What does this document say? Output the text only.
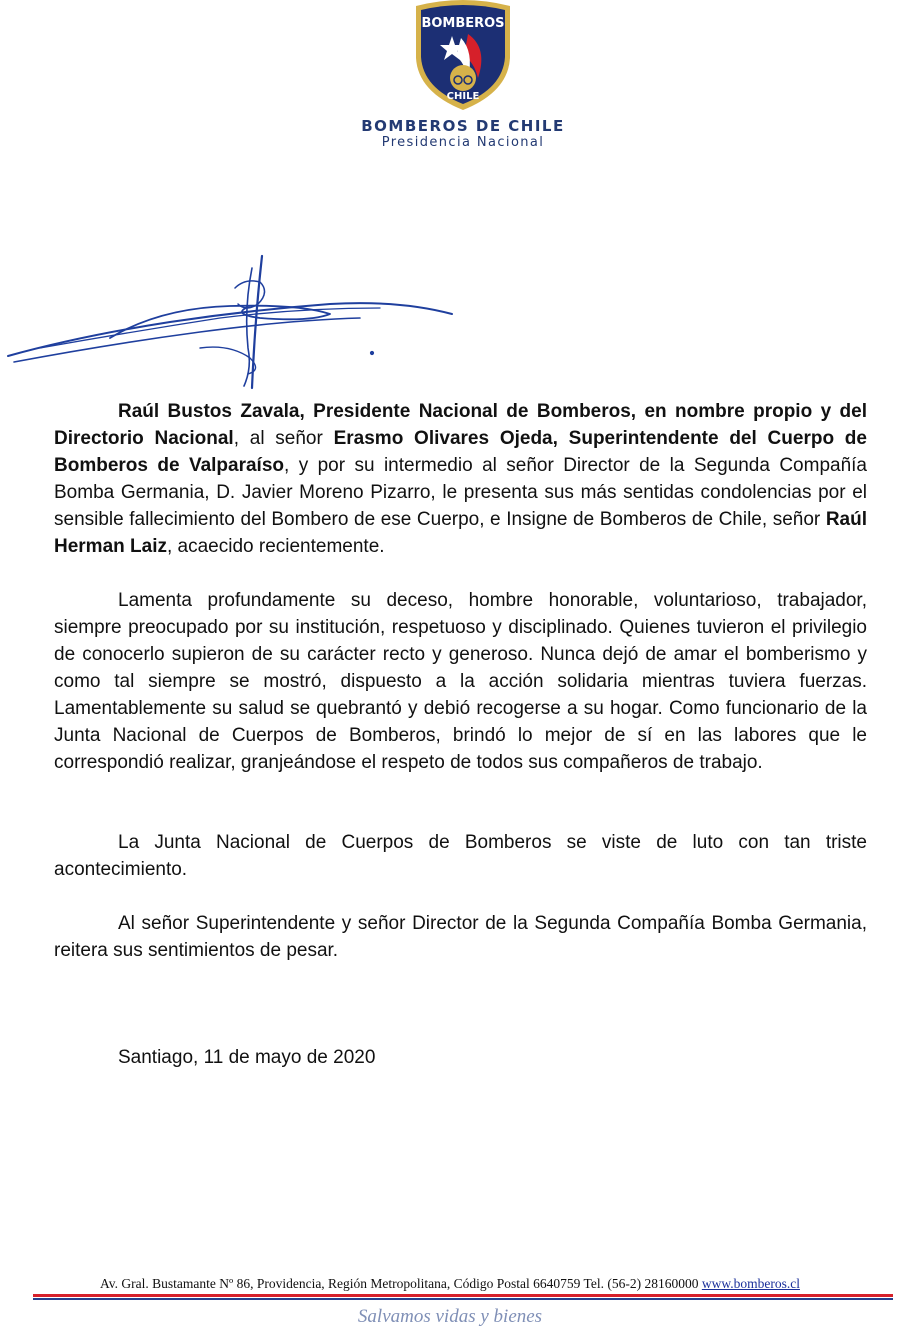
BOMBEROS
CHILE
BOMBEROS DE CHILE
Presidencia Nacional
Raúl Bustos Zavala, Presidente Nacional de Bomberos, en nombre propio y del Directorio Nacional, al señor Erasmo Olivares Ojeda, Superintendente del Cuerpo de Bomberos de Valparaíso, y por su intermedio al señor Director de la Segunda Compañía Bomba Germania, D. Javier Moreno Pizarro, le presenta sus más sentidas condolencias por el sensible fallecimiento del Bombero de ese Cuerpo, e Insigne de Bomberos de Chile, señor Raúl Herman Laiz, acaecido recientemente.
Lamenta profundamente su deceso, hombre honorable, voluntarioso, trabajador, siempre preocupado por su institución, respetuoso y disciplinado. Quienes tuvieron el privilegio de conocerlo supieron de su carácter recto y generoso. Nunca dejó de amar el bomberismo y como tal siempre se mostró, dispuesto a la acción solidaria mientras tuviera fuerzas. Lamentablemente su salud se quebrantó y debió recogerse a su hogar. Como funcionario de la Junta Nacional de Cuerpos de Bomberos, brindó lo mejor de sí en las labores que le correspondió realizar, granjeándose el respeto de todos sus compañeros de trabajo.
La Junta Nacional de Cuerpos de Bomberos se viste de luto con tan triste acontecimiento.
Al señor Superintendente y señor Director de la Segunda Compañía Bomba Germania, reitera sus sentimientos de pesar.
Santiago, 11 de mayo de 2020
Av. Gral. Bustamante Nº 86, Providencia, Región Metropolitana, Código Postal 6640759 Tel. (56-2) 28160000 www.bomberos.cl
Salvamos vidas y bienes
